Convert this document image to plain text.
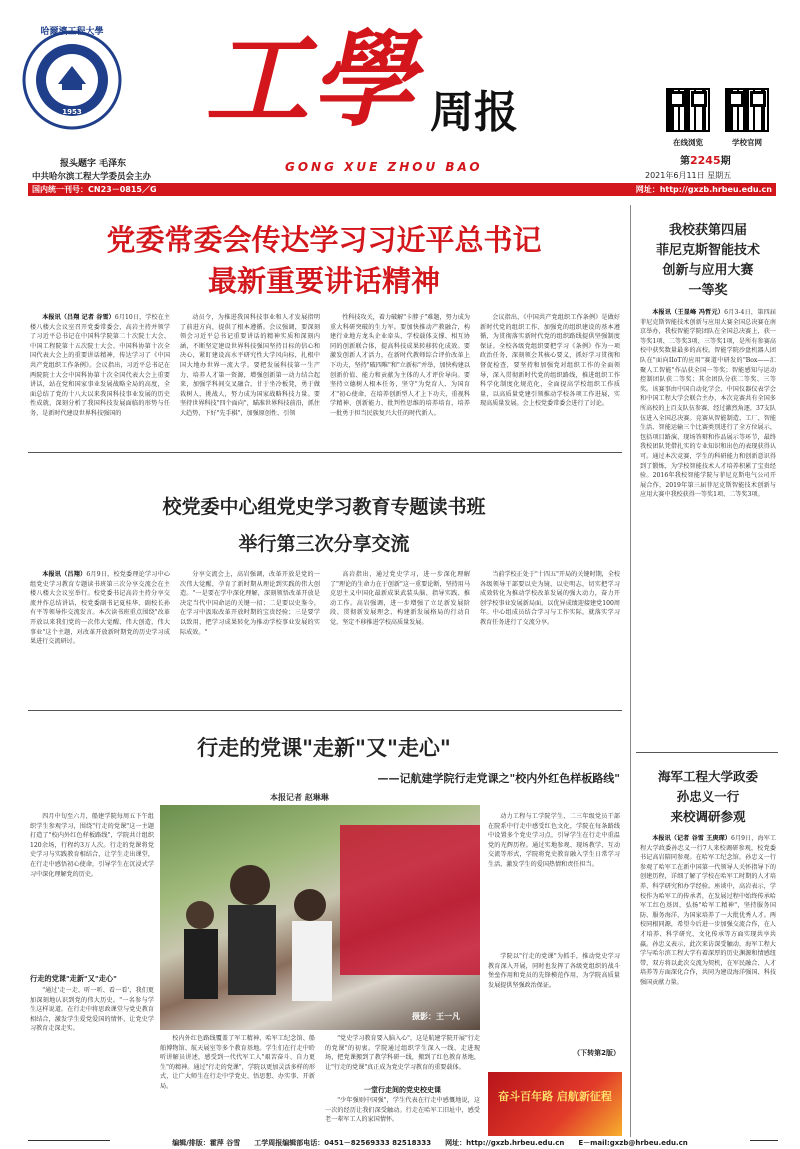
哈爾濱工程大學
1953
报头题字 毛泽东
中共哈尔滨工程大学委员会主办
工學 周报
GONG XUE ZHOU BAO
在线浏览	学校官网
第2245期
2021年6月11日 星期五
国内统一刊号：CN23－0815／G	网址：http://gxzb.hrbeu.edu.cn
党委常委会传达学习习近平总书记
最新重要讲话精神

本报讯（吕翔 记者 谷雪）6月10日，学校在主楼八楼大会议室召开党委常委会，高岩主持并领学了习近平总书记在中国科学院第二十次院士大会、中国工程院第十五次院士大会、中国科协第十次全国代表大会上的重要讲话精神，传达学习了《中国共产党组织工作条例》。会议指出，习近平总书记在两院院士大会中国科协第十次全国代表大会上重要讲话，站在党和国家事业发展战略全局的高度，全面总结了党的十八大以来我国科技事业发展的历史性成就，深刻分析了我国科技发展面临的形势与任务，是新时代建设世界科技强国的

动员令，为推进我国科技事业和人才发展指明了前进方向，提供了根本遵循。会议强调，要深刻领会习近平总书记重要讲话的精神实质和深刻内涵，不断坚定建设世界科技强国坚持目标的信心和决心，紧盯建设高水平研究性大学风向标，扎根中国大地办世界一流大学。要把发展科技第一生产力、培养人才第一资源，增强创新第一动力结合起来，加强学科间交叉融合，甘于坐冷板凳，勇于做栽树人，挑战人，努力成为国家战略科技力量。要坚持世界科技"四个面向"，瞄准世界科技前沿，抓住大趋势，下好"先手棋"，加强原创性、引领

性科技攻关，着力破解"卡脖子"难题，努力成为重大科研突破的生力军。要加快推动产教融合，构建行业地方龙头企业牵头、学校载体支撑、相互协同的创新联合体，提高科技成果转移转化成效。要激发创新人才活力，在新时代教师综合评价改革上下功夫，坚持"破四唯"和"立新标"并举，加快构建以创新价值、能力和贡献为主体的人才评价导向。要坚持立德树人根本任务，坚守"为党育人、为国育才"初心使命，在培养创新型人才上下功夫，重视科学精神、创新能力、批判性思维的培养培育，培养一批勇于担当民族复兴大任的时代新人。

会议指出，《中国共产党组织工作条例》是做好新时代党的组织工作、加强党的组织建设的基本遵循，为贯彻落实新时代党的组织路线提供坚强制度保证。全校各级党组织要把学习《条例》作为一项政治任务，深刻领会其核心要义，抓好学习贯彻和督促检查，要坚持和加强党对组织工作的全面领导，深入贯彻新时代党的组织路线，推进组织工作科学化制度化规范化，全面提高学校组织工作质量，以高质量党建引领推动学校各项工作进展，实现高质量发展。会上校党委常委会进行了讨论。

校党委中心组党史学习教育专题读书班
举行第三次分享交流

本报讯（吕翔）6月9日，校党委理论学习中心组党史学习教育专题读书班第三次分享交流会在主楼八楼大会议室举行。校党委书记高岩主持分享交流并作总结讲话，校党委副书记夏桂华、副校长孙有平等领导作交流发言。本次读书班重点围绕"改革开放以来我们党的一次伟大觉醒、伟大创造，伟大事业"这个主题，对改革开放新时期党的历史学习成果进行交流研讨。

分享交流会上，高岩强调，改革开放是党的一次伟大觉醒，孕育了新时期从理论到实践的伟大创造。"一是要在学中深化理解，深刻领悟改革开放是决定当代中国命运的关键一招；二是要以史鉴今，在学习中汲取改革开放时期的宝贵经验；三是要学以致用，把学习成果转化为推动学校事业发展的实际成效。"

高岩指出，通过党史学习，进一步深化理解了"理论的生命力在于创新"这一重要论断，坚持用马克思主义中国化最新成果武装头脑、指导实践、推动工作。高岩强调，进一步增强了立足新发展阶段、贯彻新发展理念、构建新发展格局的行动自觉，坚定不移推进学校高质量发展。

当前学校正处于"十四五"开局的关键时期，全校各级领导干部要以史为镜、以史明志，切实把学习成效转化为推动学校改革发展的强大动力，奋力开创学校事业发展新局面，以优异成绩迎接建党100周年。中心组成员结合学习与工作实际，就落实学习教育任务进行了交流分享。

行走的党课"走新"又"走心"
——记航建学院行走党课之"校内外红色样板路线"
本报记者 赵琳琳

四月中旬至六月，船建学院每周五下午组织学生参观学习，围绕"行走的党课"这一主题打造了"校内外红色样板路线"，学院共计组织120余场，行程约3万人次。行走的党课将党史学习与实践教育相结合，让学生走出课堂，在行走中感悟初心使命，引导学生在沉浸式学习中深化理解党的历史。

行走的党课"走新"又"走心"

"通过'走一走、听一听、看一看'，我们更加深刻地认识到党的伟大历史。"一名参与学生这样说道。在行走中将思政课堂与党史教育相结合，激发学生爱党爱国的情怀，让党史学习教育走深走实。

摄影：王一凡

校内外红色路线覆盖了军工精神、哈军工纪念馆、船舶博物馆、航天展室等多个教育基地。学生们在行走中聆听讲解员讲述，感受到一代代军工人"艰苦奋斗、自力更生"的精神。通过"行走的党课"，学院以更加灵活多样的形式，让广大师生在行走中学党史、悟思想、办实事、开新局。

"党史学习教育要入脑入心"，这是航建学院开展"行走的党课"的初衷。学院通过组织学生深入一线、走进现场，把党课搬到了教学科研一线，搬到了红色教育基地，让"行走的党课"真正成为党史学习教育的重要载体。

一堂行走间的党史校史课

"少年强则中国强"，学生代表在行走中感慨地说，这一次的经历让我们深受触动。行走在哈军工旧址中，感受老一辈军工人的家国情怀。

动力工程与工学院学生、二三年级党员干部在院系中行走中感受红色文化，学院在每条路线中设置多个党史学习点，引导学生在行走中重温党的光辉历程。通过实地参观、现场教学、互动交流等形式，学院将党史教育融入学生日常学习生活，激发学生的爱国热情和责任担当。

学院以"行走的党课"为抓手，推动党史学习教育深入开展，同时也发挥了各级党组织的战斗堡垒作用和党员的先锋模范作用，为学院高质量发展提供坚强政治保证。

（下转第2版）
奋斗百年路 启航新征程
我校获第四届
菲尼克斯智能技术
创新与应用大赛
一等奖

本报讯（王显峰 冯哲元）6月3-4日，第四届菲尼克斯智能技术创新与应用大赛全国总决赛在南京举办，我校智能学院团队在全国总决赛上，获一等奖1项、二等奖3项、三等奖1项，是所有参赛高校中获奖数量最多的高校。智能学院沙盘机器人团队在"面向IIoT的应用"赛道中研发的"Box——汇聚人工智能"作品获全国一等奖；智能感知与运动控制团队获二等奖；其余团队分获二等奖、三等奖。该赛事由中国自动化学会、中国仪器仪表学会和中国工程大学会联合主办，本次竞赛共有全国多所高校的上百支队伍参赛，经过激烈角逐，37支队伍进入全国总决赛。竞赛从智能制造、工厂、智能生活、智能运输三个比赛类别进行了全方位展示，包括项目路演、现场答辩和作品展示等环节，最终我校团队凭借扎实的专业知识和出色的表现获得认可。通过本次竞赛，学生的科研能力和创新意识得到了锻炼，为学校智能技术人才培养积累了宝贵经验。2016年我校智能学院与菲尼克斯电气公司开展合作，2019年第三届菲尼克斯智能技术创新与应用大赛中我校获得一等奖1项、二等奖3项。

海军工程大学政委
孙忠义一行
来校调研参观

本报讯（记者 谷雪 王庚琛）6月9日，海军工程大学政委孙忠义一行7人来校调研参观，校党委书记高岩陪同参观。在哈军工纪念馆，孙忠义一行参观了哈军工在新中国第一代领导人关怀指导下的创建历程，详细了解了学校在哈军工时期的人才培养、科学研究和办学经验。座谈中，高岩表示，学校作为哈军工的传承者，在发展过程中始终传承哈军工红色基因，弘扬"哈军工精神"，坚持服务国防、服务海洋，为国家培养了一大批优秀人才。两校同根同源，希望今后进一步加强交流合作，在人才培养、科学研究、文化传承等方面实现共享共赢。孙忠义表示，此次来访深受触动，海军工程大学与哈尔滨工程大学有着深厚的历史渊源和情感纽带，双方将以此次交流为契机，在军民融合、人才培养等方面深化合作，共同为建设海洋强国、科技强国贡献力量。

编辑/排版：霍萍 谷雪 工学周报编辑部电话：0451－82569333 82518333 网址：http://gxzb.hrbeu.edu.cn E－mail:gxzb@hrbeu.edu.cn
